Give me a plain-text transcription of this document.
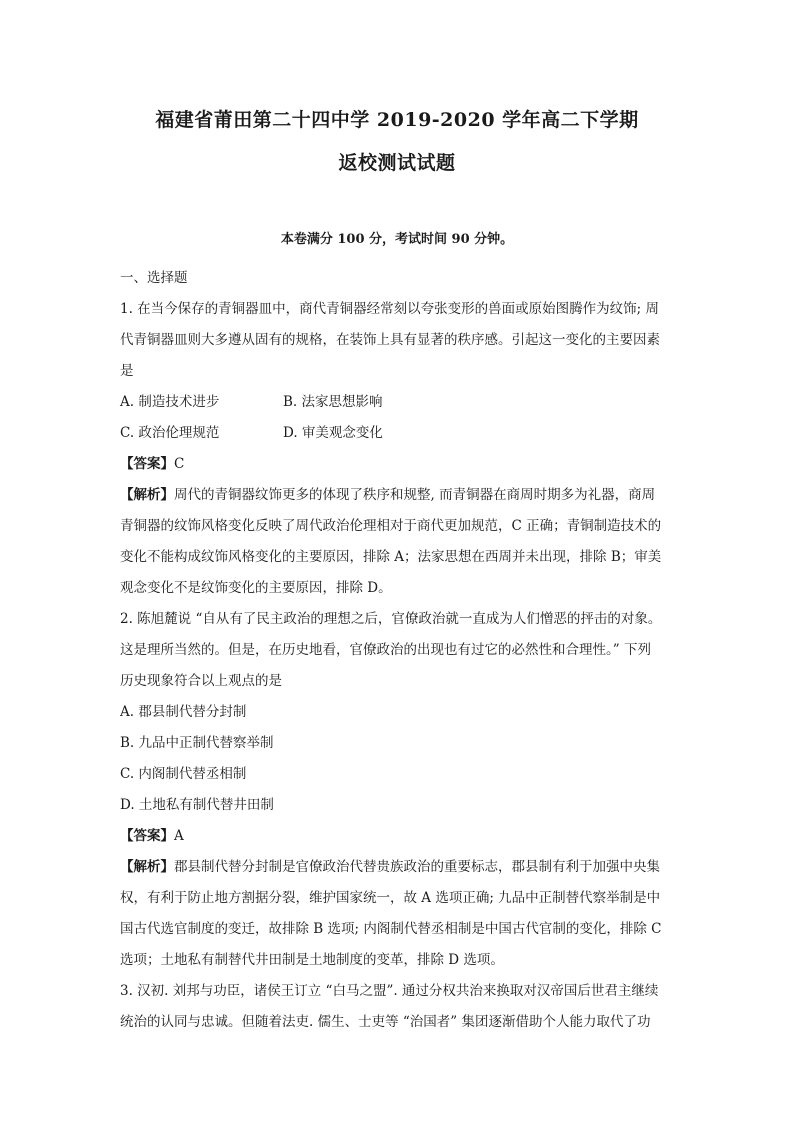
福建省莆田第二十四中学 2019-2020 学年高二下学期
返校测试试题
本卷满分 100 分，考试时间 90 分钟。
一、选择题
1. 在当今保存的青铜器皿中，商代青铜器经常刻以夸张变形的兽面或原始图腾作为纹饰; 周
代青铜器皿则大多遵从固有的规格，在装饰上具有显著的秩序感。引起这一变化的主要因素
是
A. 制造技术进步	B. 法家思想影响
C. 政治伦理规范	D. 审美观念变化
【答案】C
【解析】周代的青铜器纹饰更多的体现了秩序和规整, 而青铜器在商周时期多为礼器，商周
青铜器的纹饰风格变化反映了周代政治伦理相对于商代更加规范，C 正确；青铜制造技术的
变化不能构成纹饰风格变化的主要原因，排除 A；法家思想在西周并未出现，排除 B；审美
观念变化不是纹饰变化的主要原因，排除 D。
2. 陈旭麓说 “自从有了民主政治的理想之后，官僚政治就一直成为人们憎恶的抨击的对象。
这是理所当然的。但是，在历史地看，官僚政治的出现也有过它的必然性和合理性。” 下列
历史现象符合以上观点的是
A. 郡县制代替分封制
B. 九品中正制代替察举制
C. 内阁制代替丞相制
D. 土地私有制代替井田制
【答案】A
【解析】郡县制代替分封制是官僚政治代替贵族政治的重要标志，郡县制有利于加强中央集
权，有利于防止地方割据分裂，维护国家统一，故 A 选项正确; 九品中正制替代察举制是中
国古代选官制度的变迁，故排除 B 选项; 内阁制代替丞相制是中国古代官制的变化，排除 C
选项；土地私有制替代井田制是土地制度的变革，排除 D 选项。
3. 汉初. 刘邦与功臣，诸侯王订立 “白马之盟”. 通过分权共治来换取对汉帝国后世君主继续
统治的认同与忠诚。但随着法吏. 儒生、士吏等 “治国者” 集团逐渐借助个人能力取代了功
